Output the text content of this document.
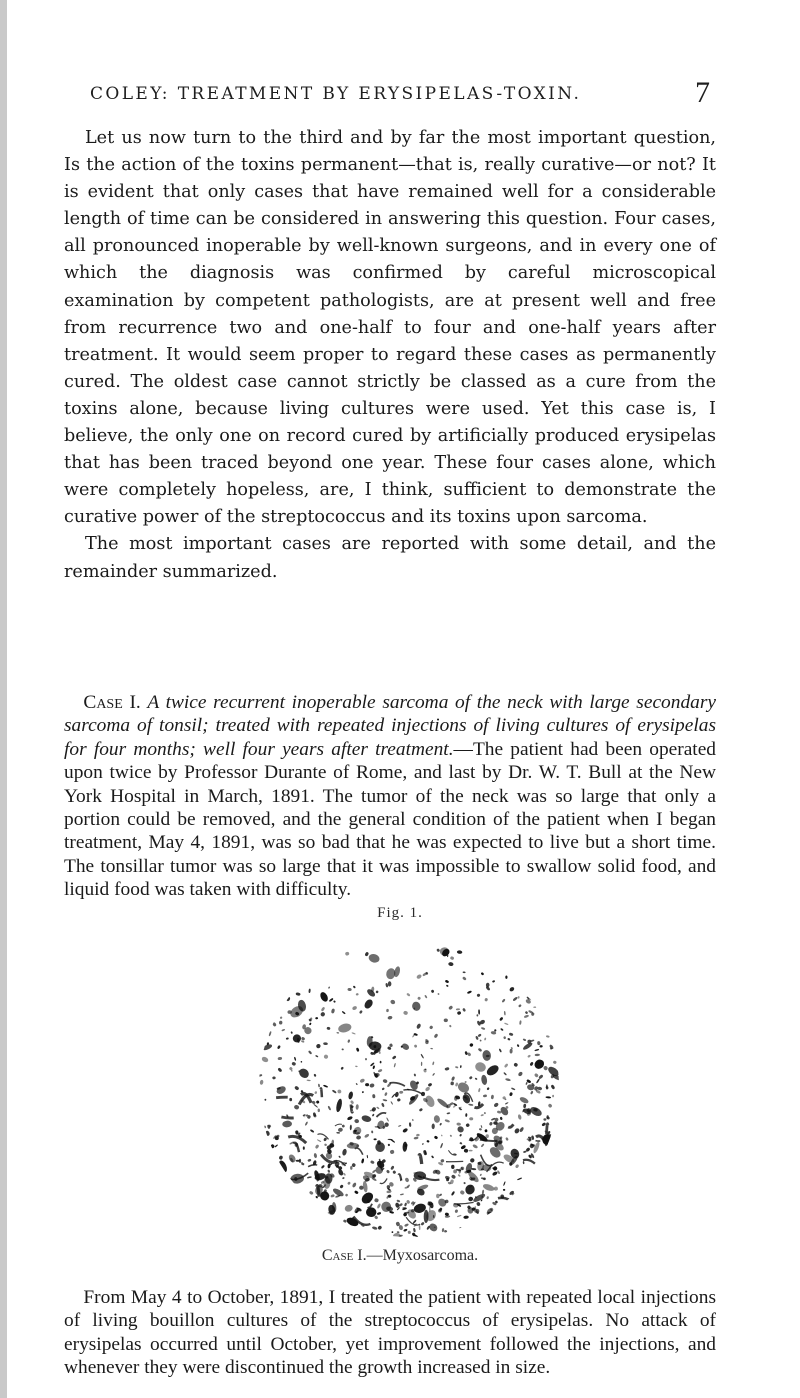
COLEY: TREATMENT BY ERYSIPELAS-TOXIN.	7

Let us now turn to the third and by far the most important question, Is the action of the toxins permanent—that is, really curative—or not? It is evident that only cases that have remained well for a considerable length of time can be considered in answering this question. Four cases, all pronounced inoperable by well-known surgeons, and in every one of which the diagnosis was confirmed by careful microscopical examination by competent pathologists, are at present well and free from recurrence two and one-half to four and one-half years after treatment. It would seem proper to regard these cases as permanently cured. The oldest case cannot strictly be classed as a cure from the toxins alone, because living cultures were used. Yet this case is, I believe, the only one on record cured by artificially produced erysipelas that has been traced beyond one year. These four cases alone, which were completely hopeless, are, I think, sufficient to demonstrate the curative power of the streptococcus and its toxins upon sarcoma.

The most important cases are reported with some detail, and the remainder summarized.

 Case I. A twice recurrent inoperable sarcoma of the neck with large secondary sarcoma of tonsil; treated with repeated injections of living cultures of erysipelas for four months; well four years after treatment.—The patient had been operated upon twice by Professor Durante of Rome, and last by Dr. W. T. Bull at the New York Hospital in March, 1891. The tumor of the neck was so large that only a portion could be removed, and the general condition of the patient when I began treatment, May 4, 1891, was so bad that he was expected to live but a short time. The tonsillar tumor was so large that it was impossible to swallow solid food, and liquid food was taken with difficulty.

Fig. 1.
Case I.—Myxosarcoma.

 From May 4 to October, 1891, I treated the patient with repeated local injections of living bouillon cultures of the streptococcus of erysipelas. No attack of erysipelas occurred until October, yet improvement followed the injections, and whenever they were discontinued the growth increased in size.
